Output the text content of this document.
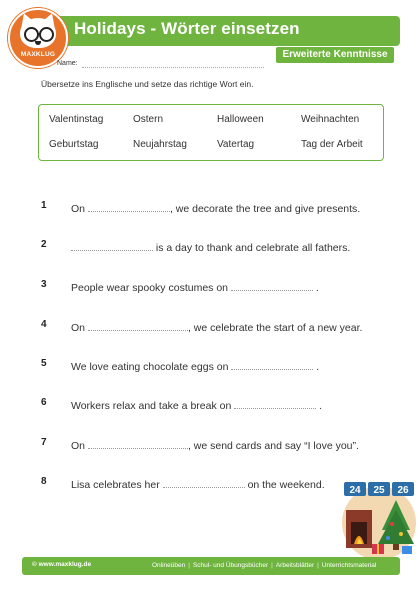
Holidays - Wörter einsetzen
MAXKLUG	Erweiterte Kenntnisse
Name:
Übersetze ins Englische und setze das richtige Wort ein.
Valentinstag	Ostern	Halloween	Weihnachten
Geburtstag	Neujahrstag	Vatertag	Tag der Arbeit
1 On	, we decorate the tree and give presents.
2	is a day to thank and celebrate all fathers.
3 People wear spooky costumes on	.
4 On	, we celebrate the start of a new year.
5 We love eating chocolate eggs on	.
6 Workers relax and take a break on	.
7 On	, we send cards and say “I love you”.
8 Lisa celebrates her	on the weekend. 24 25 26
© www.maxklug.de	Onlineüben | Schul- und Übungsbücher | Arbeitsblätter | Unterrichtsmaterial
